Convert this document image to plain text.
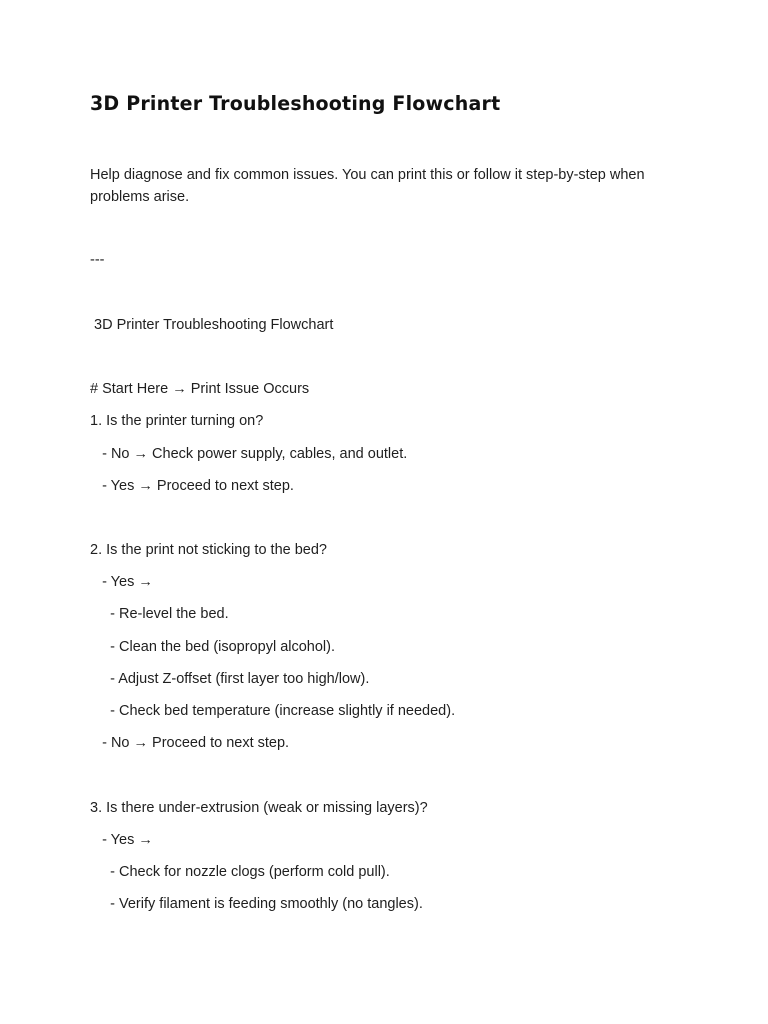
3D Printer Troubleshooting Flowchart

Help diagnose and fix common issues. You can print this or follow it step-by-step when problems arise.

---

3D Printer Troubleshooting Flowchart

# Start Here → Print Issue Occurs

1. Is the printer turning on?

- No → Check power supply, cables, and outlet.

- Yes → Proceed to next step.

2. Is the print not sticking to the bed?

- Yes →

- Re-level the bed.

- Clean the bed (isopropyl alcohol).

- Adjust Z-offset (first layer too high/low).

- Check bed temperature (increase slightly if needed).

- No → Proceed to next step.

3. Is there under-extrusion (weak or missing layers)?

- Yes →

- Check for nozzle clogs (perform cold pull).

- Verify filament is feeding smoothly (no tangles).
